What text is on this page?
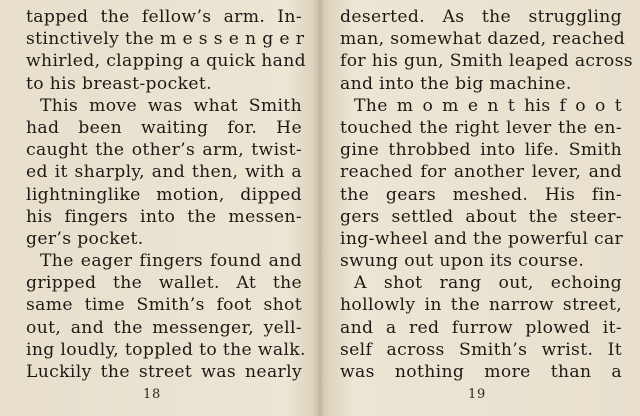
tapped the fellow’s arm. In-
stinctively the m e s s e n g e r
whirled, clapping a quick hand
to his breast-pocket.
This move was what Smith
had been waiting for. He
caught the other’s arm, twist-
ed it sharply, and then, with a
lightninglike motion, dipped
his fingers into the messen-
ger’s pocket.
The eager fingers found and
gripped the wallet. At the
same time Smith’s foot shot
out, and the messenger, yell-
ing loudly, toppled to the walk.
Luckily the street was nearly
18
deserted. As the struggling
man, somewhat dazed, reached
for his gun, Smith leaped across
and into the big machine.
The m o m e n t his f o o t
touched the right lever the en-
gine throbbed into life. Smith
reached for another lever, and
the gears meshed. His fin-
gers settled about the steer-
ing-wheel and the powerful car
swung out upon its course.
A shot rang out, echoing
hollowly in the narrow street,
and a red furrow plowed it-
self across Smith’s wrist. It
was nothing more than a
19
